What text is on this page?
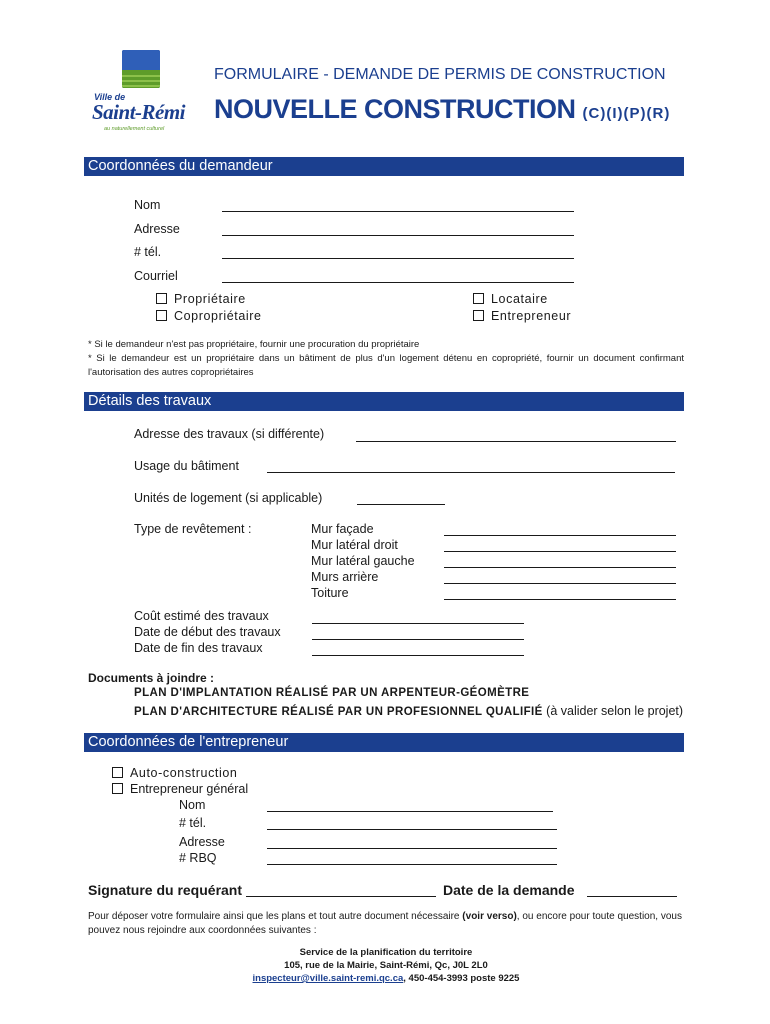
Ville de
Saint-Rémi
au naturellement culturel
FORMULAIRE - DEMANDE DE PERMIS DE CONSTRUCTION
NOUVELLE CONSTRUCTION (C)(I)(P)(R)
Coordonnées du demandeur
Nom
Adresse
# tél.
Courriel
Propriétaire
Copropriétaire
Locataire
Entrepreneur
* Si le demandeur n'est pas propriétaire, fournir une procuration du propriétaire
* Si le demandeur est un propriétaire dans un bâtiment de plus d'un logement détenu en copropriété, fournir un document confirmant l'autorisation des autres copropriétaires
Détails des travaux
Adresse des travaux (si différente)
Usage du bâtiment
Unités de logement (si applicable)
Type de revêtement :	Mur façade
Mur latéral droit
Mur latéral gauche
Murs arrière
Toiture
Coût estimé des travaux
Date de début des travaux
Date de fin des travaux
Documents à joindre :
PLAN D'IMPLANTATION RÉALISÉ PAR UN ARPENTEUR-GÉOMÈTRE
PLAN D'ARCHITECTURE RÉALISÉ PAR UN PROFESIONNEL QUALIFIÉ (à valider selon le projet)
Coordonnées de l'entrepreneur
Auto-construction
Entrepreneur général
Nom
# tél.
Adresse
# RBQ
Signature du requérant	Date de la demande
Pour déposer votre formulaire ainsi que les plans et tout autre document nécessaire (voir verso), ou encore pour toute question, vous pouvez nous rejoindre aux coordonnées suivantes :
Service de la planification du territoire
105, rue de la Mairie, Saint-Rémi, Qc, J0L 2L0
inspecteur@ville.saint-remi.qc.ca, 450-454-3993 poste 9225
